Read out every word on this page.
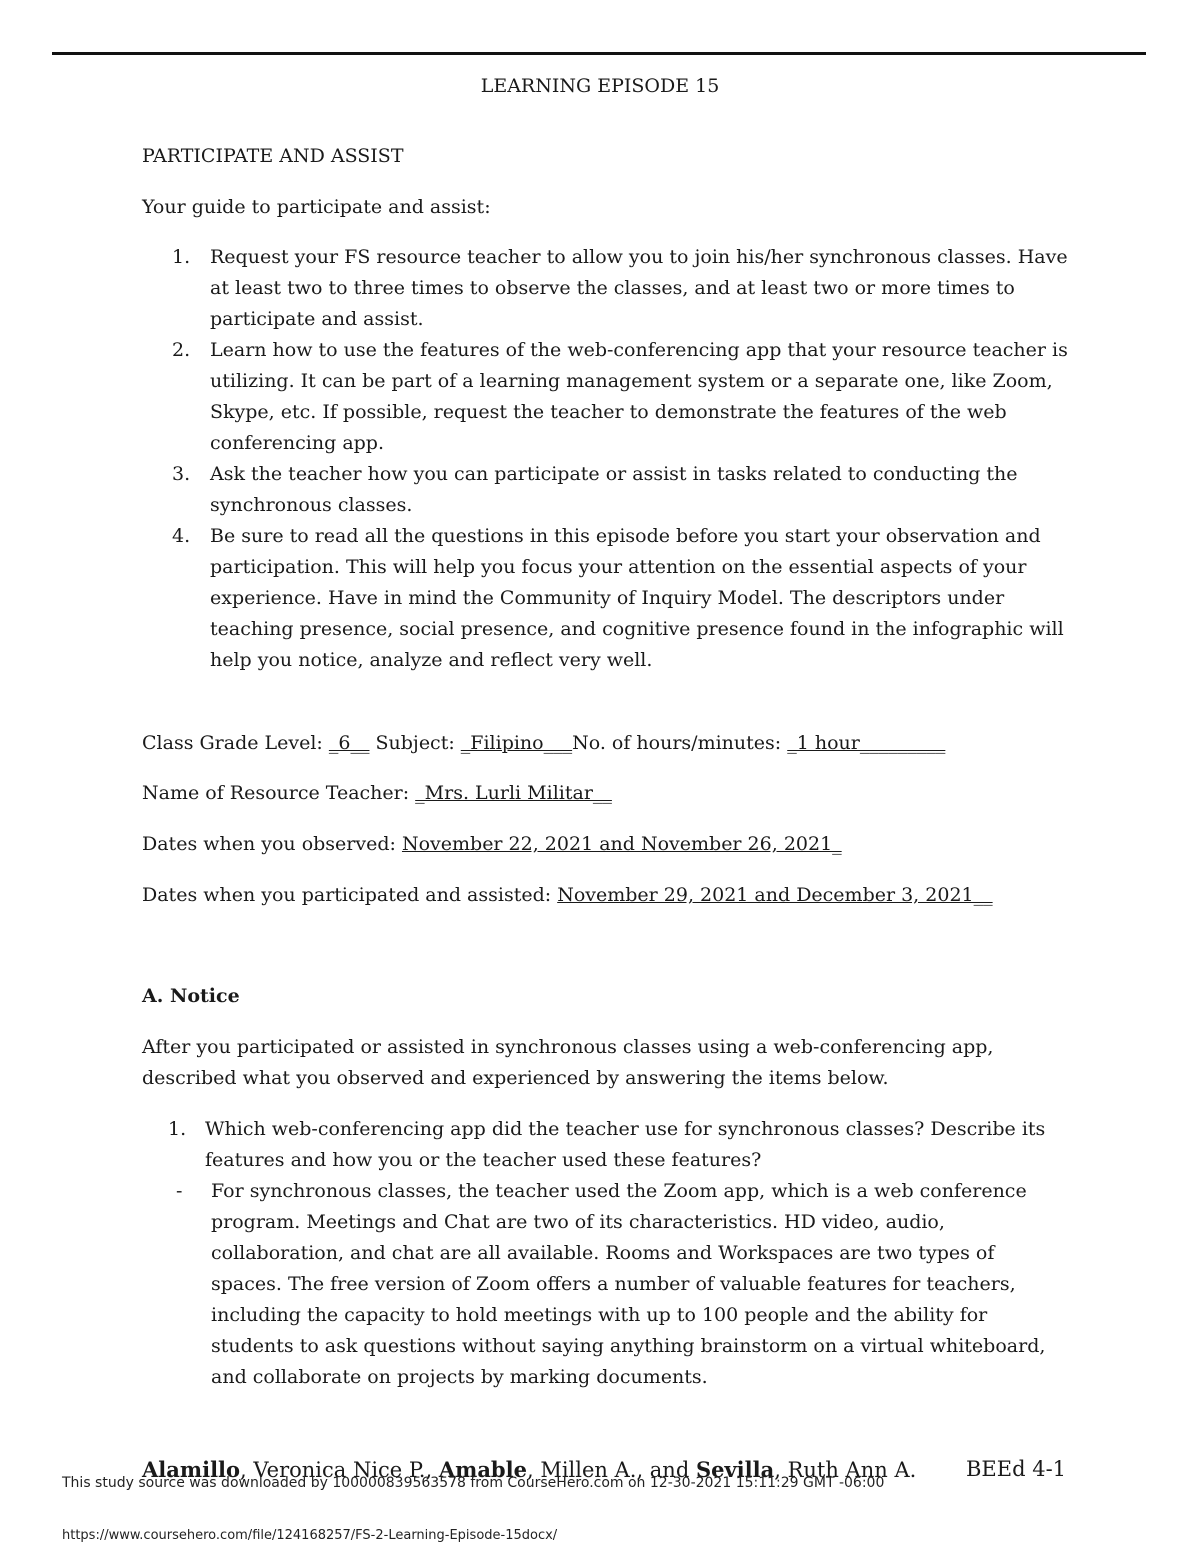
LEARNING EPISODE 15

PARTICIPATE AND ASSIST

Your guide to participate and assist:

1. Request your FS resource teacher to allow you to join his/her synchronous classes. Have at least two to three times to observe the classes, and at least two or more times to participate and assist.
2. Learn how to use the features of the web-conferencing app that your resource teacher is utilizing. It can be part of a learning management system or a separate one, like Zoom, Skype, etc. If possible, request the teacher to demonstrate the features of the web conferencing app.
3. Ask the teacher how you can participate or assist in tasks related to conducting the synchronous classes.
4. Be sure to read all the questions in this episode before you start your observation and participation. This will help you focus your attention on the essential aspects of your experience. Have in mind the Community of Inquiry Model. The descriptors under teaching presence, social presence, and cognitive presence found in the infographic will help you notice, analyze and reflect very well.

Class Grade Level: _6__ Subject: _Filipino___No. of hours/minutes: _1 hour_________

Name of Resource Teacher: _Mrs. Lurli Militar__

Dates when you observed: November 22, 2021 and November 26, 2021_

Dates when you participated and assisted: November 29, 2021 and December 3, 2021__

A. Notice

After you participated or assisted in synchronous classes using a web-conferencing app, described what you observed and experienced by answering the items below.

1. Which web-conferencing app did the teacher use for synchronous classes? Describe its features and how you or the teacher used these features?

- For synchronous classes, the teacher used the Zoom app, which is a web conference program. Meetings and Chat are two of its characteristics. HD video, audio, collaboration, and chat are all available. Rooms and Workspaces are two types of spaces. The free version of Zoom offers a number of valuable features for teachers, including the capacity to hold meetings with up to 100 people and the ability for students to ask questions without saying anything brainstorm on a virtual whiteboard, and collaborate on projects by marking documents.

Alamillo, Veronica Nice P., Amable, Millen A., and Sevilla, Ruth Ann A. BEEd 4-1

This study source was downloaded by 100000839563578 from CourseHero.com on 12-30-2021 15:11:29 GMT -06:00

https://www.coursehero.com/file/124168257/FS-2-Learning-Episode-15docx/
